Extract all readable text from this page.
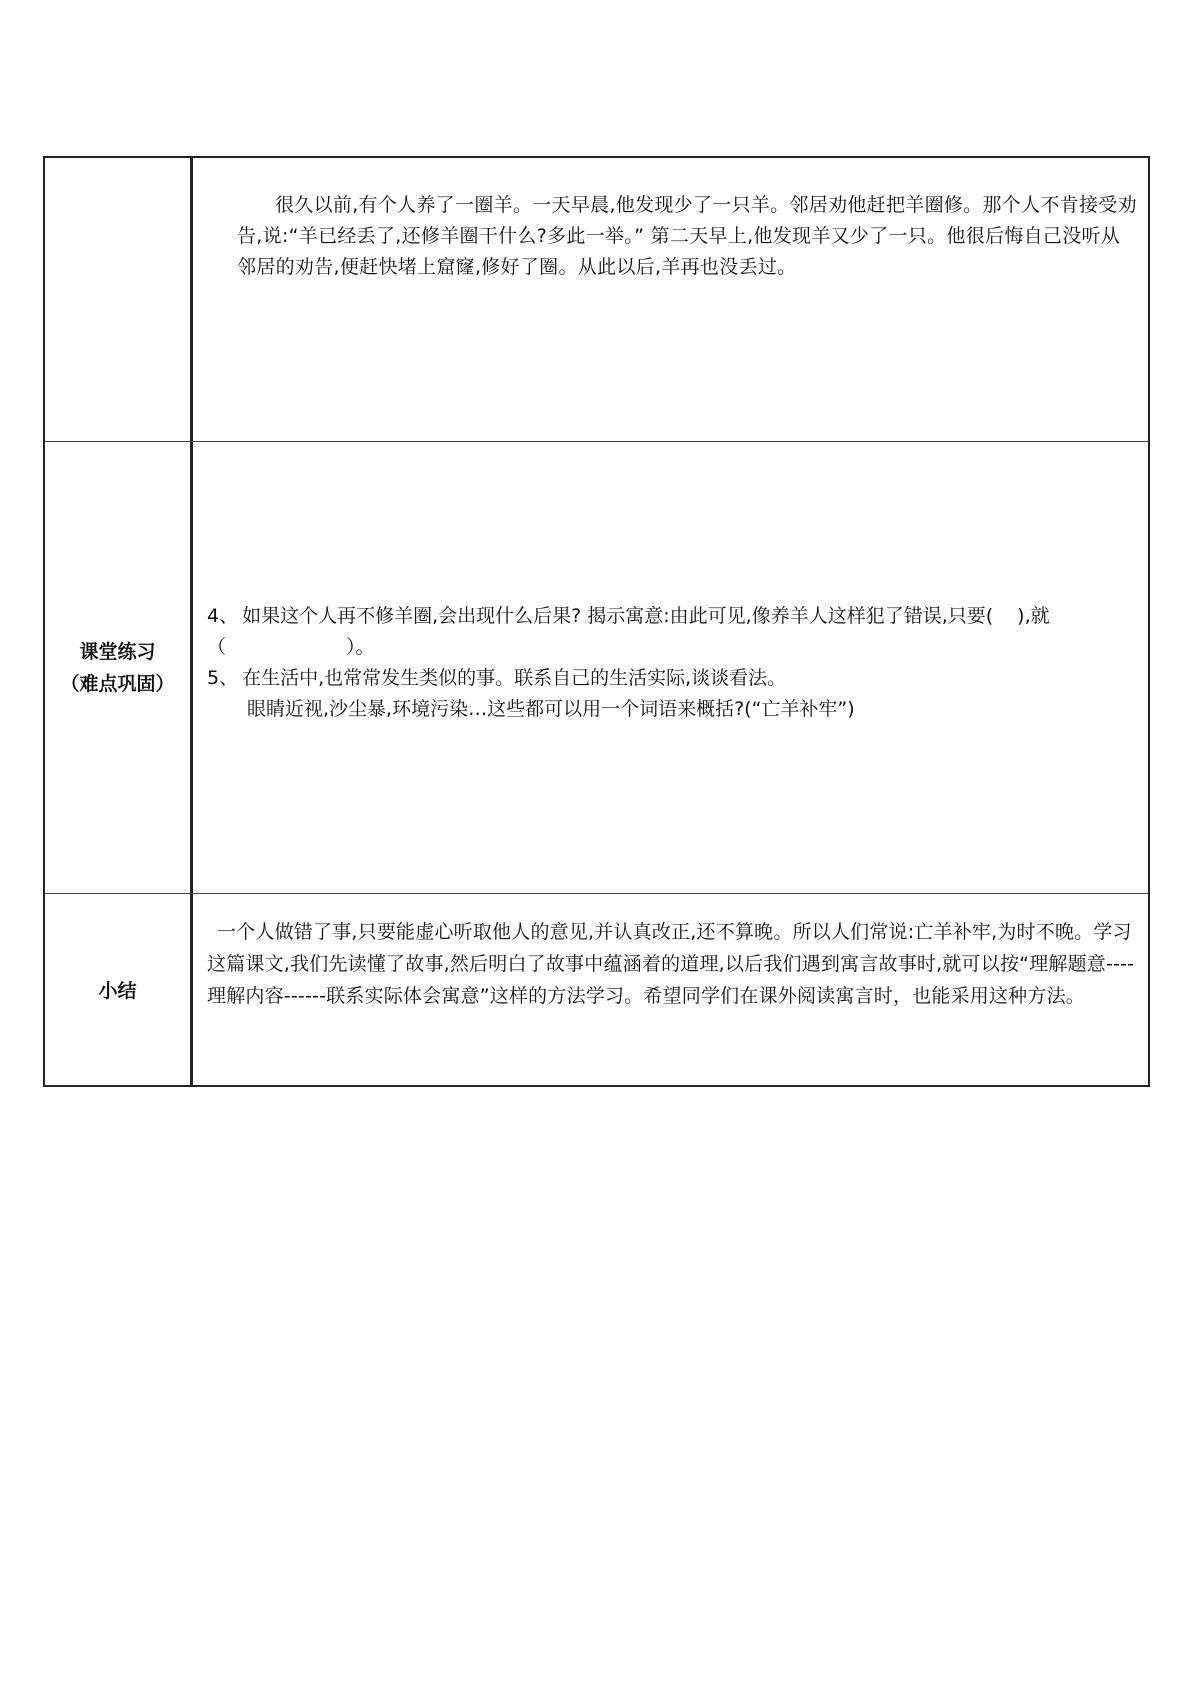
很久以前,有个人养了一圈羊。一天早晨,他发现少了一只羊。邻居劝他赶把羊圈修。那个人不肯接受劝告,说:“羊已经丢了,还修羊圈干什么?多此一举。” 第二天早上,他发现羊又少了一只。他很后悔自己没听从邻居的劝告,便赶快堵上窟窿,修好了圈。从此以后,羊再也没丢过。
课堂练习
（难点巩固）

4、 如果这个人再不修羊圈,会出现什么后果? 揭示寓意:由此可见,像养羊人这样犯了错误,只要( ),就

（	）。

5、 在生活中,也常常发生类似的事。联系自己的生活实际,谈谈看法。

眼睛近视,沙尘暴,环境污染…这些都可以用一个词语来概括?(“亡羊补牢”)

小结
一个人做错了事,只要能虚心听取他人的意见,并认真改正,还不算晚。所以人们常说:亡羊补牢,为时不晚。学习这篇课文,我们先读懂了故事,然后明白了故事中蕴涵着的道理,以后我们遇到寓言故事时,就可以按“理解题意----理解内容------联系实际体会寓意”这样的方法学习。希望同学们在课外阅读寓言时，也能采用这种方法。
